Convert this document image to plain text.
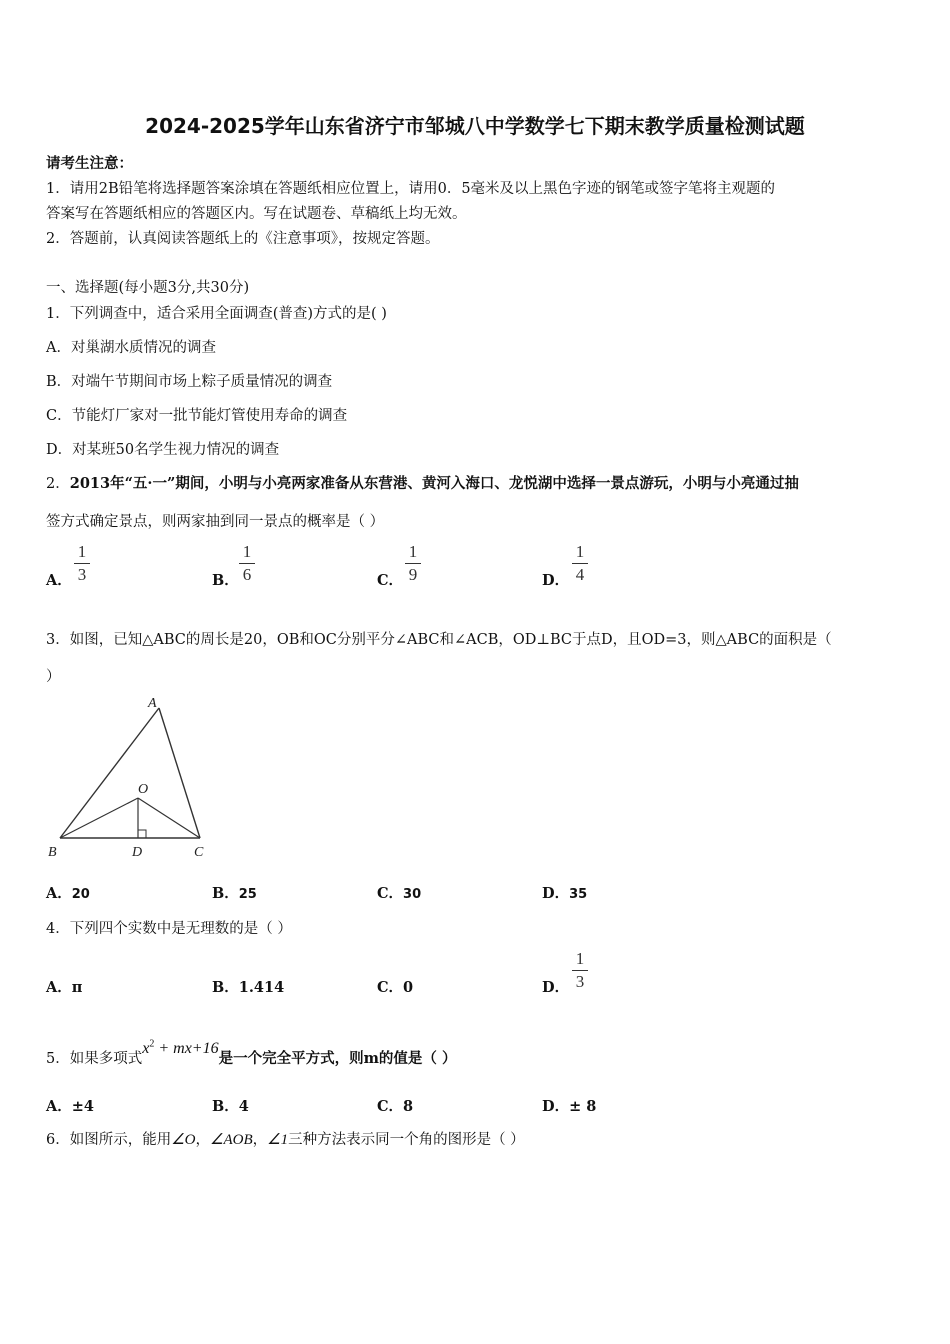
2024-2025学年山东省济宁市邹城八中学数学七下期末教学质量检测试题
请考生注意：
1．请用2B铅笔将选择题答案涂填在答题纸相应位置上，请用0．5毫米及以上黑色字迹的钢笔或签字笔将主观题的
答案写在答题纸相应的答题区内。写在试题卷、草稿纸上均无效。
2．答题前，认真阅读答题纸上的《注意事项》，按规定答题。
一、选择题(每小题3分,共30分)
1．下列调查中，适合采用全面调查(普查)方式的是( )
A．对巢湖水质情况的调查
B．对端午节期间市场上粽子质量情况的调查
C．节能灯厂家对一批节能灯管使用寿命的调查
D．对某班50名学生视力情况的调查
2．2013年“五·一”期间，小明与小亮两家准备从东营港、黄河入海口、龙悦湖中选择一景点游玩，小明与小亮通过抽
签方式确定景点，则两家抽到同一景点的概率是（ ）
A．
1
3	B．
1
6	C．
1
9	D．
1
4
3．如图，已知△ABC的周长是20，OB和OC分别平分∠ABC和∠ACB，OD⊥BC于点D，且OD=3，则△ABC的面积是（
）
A
B	D	C
O
A．20	B．25	C．30	D．35
4．下列四个实数中是无理数的是（ ）
A．π	B．1.414	C．0	D．
1
3
5．如果多项式$x^2 + mx+16$是一个完全平方式，则m的值是（ ）
A．±4	B．4	C．8	D．± 8
6．如图所示，能用∠O，∠AOB，∠1三种方法表示同一个角的图形是（ ）
